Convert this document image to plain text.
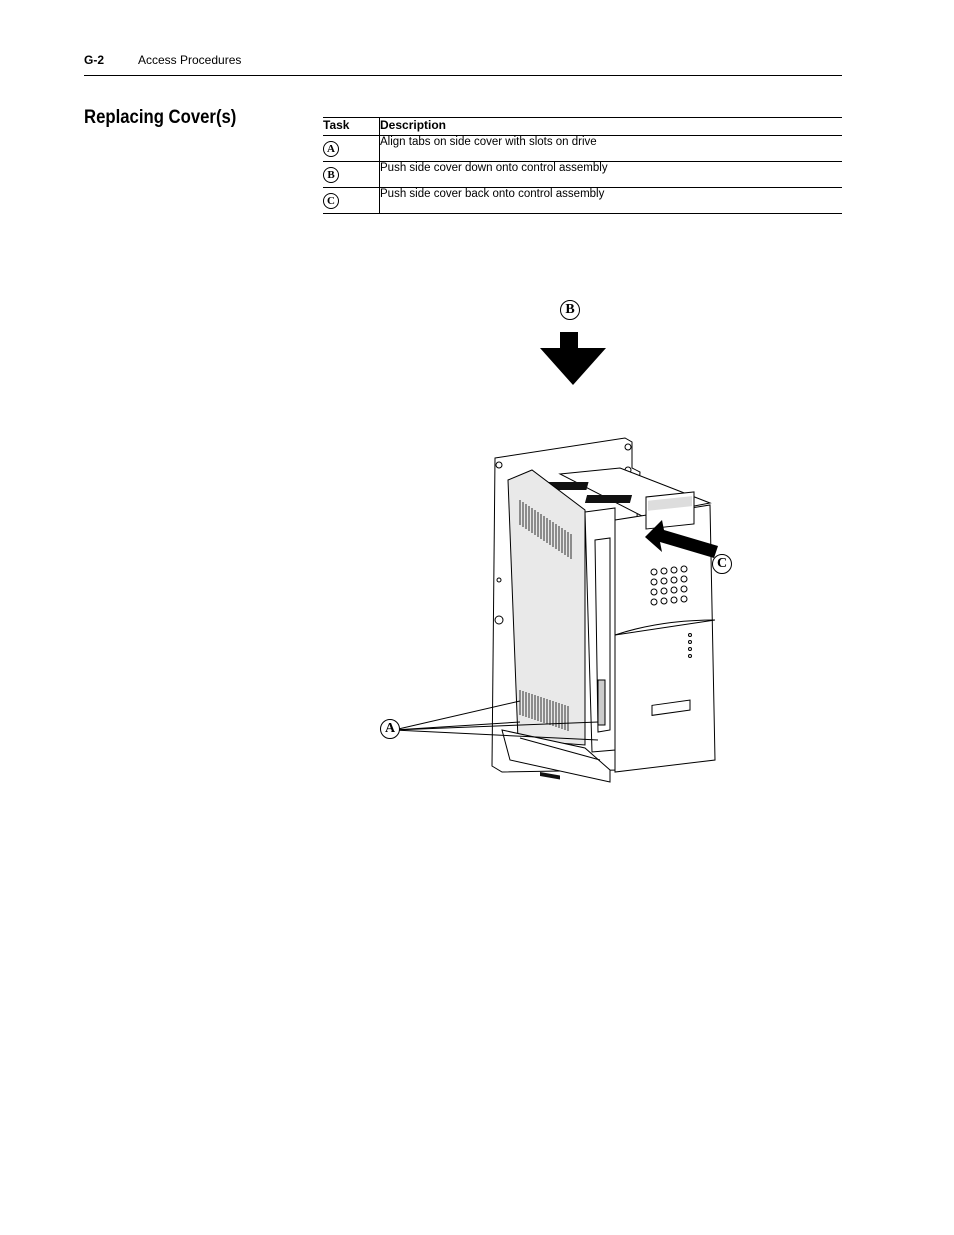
G-2	Access Procedures
Replacing Cover(s)	Task	Description
A	Align tabs on side cover with slots on drive
B	Push side cover down onto control assembly
C	Push side cover back onto control assembly
B
C
A
